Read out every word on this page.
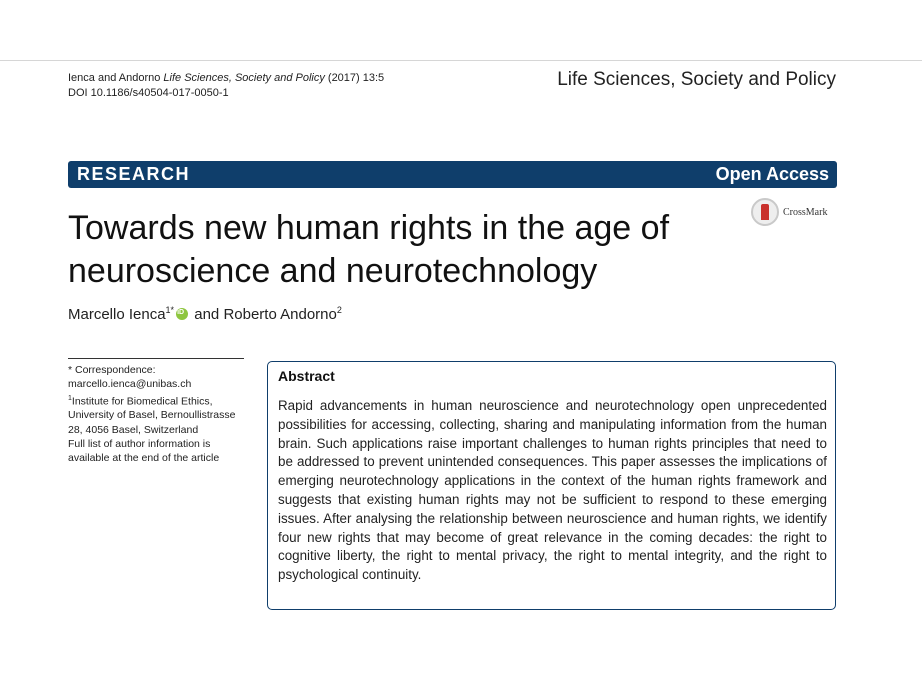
Ienca and Andorno Life Sciences, Society and Policy (2017) 13:5
DOI 10.1186/s40504-017-0050-1
Life Sciences, Society and Policy
RESEARCH	Open Access
CrossMark
Towards new human rights in the age of neuroscience and neurotechnology
Marcello Ienca$^{1*}$iD and Roberto Andorno$^2$

* Correspondence:

marcello.ienca@unibas.ch

$^1$Institute for Biomedical Ethics, University of Basel, Bernoullistrasse 28, 4056 Basel, Switzerland

Full list of author information is available at the end of the article

Abstract

Rapid advancements in human neuroscience and neurotechnology open unprecedented possibilities for accessing, collecting, sharing and manipulating information from the human brain. Such applications raise important challenges to human rights principles that need to be addressed to prevent unintended consequences. This paper assesses the implications of emerging neurotechnology applications in the context of the human rights framework and suggests that existing human rights may not be sufficient to respond to these emerging issues. After analysing the relationship between neuroscience and human rights, we identify four new rights that may become of great relevance in the coming decades: the right to cognitive liberty, the right to mental privacy, the right to mental integrity, and the right to psychological continuity.
